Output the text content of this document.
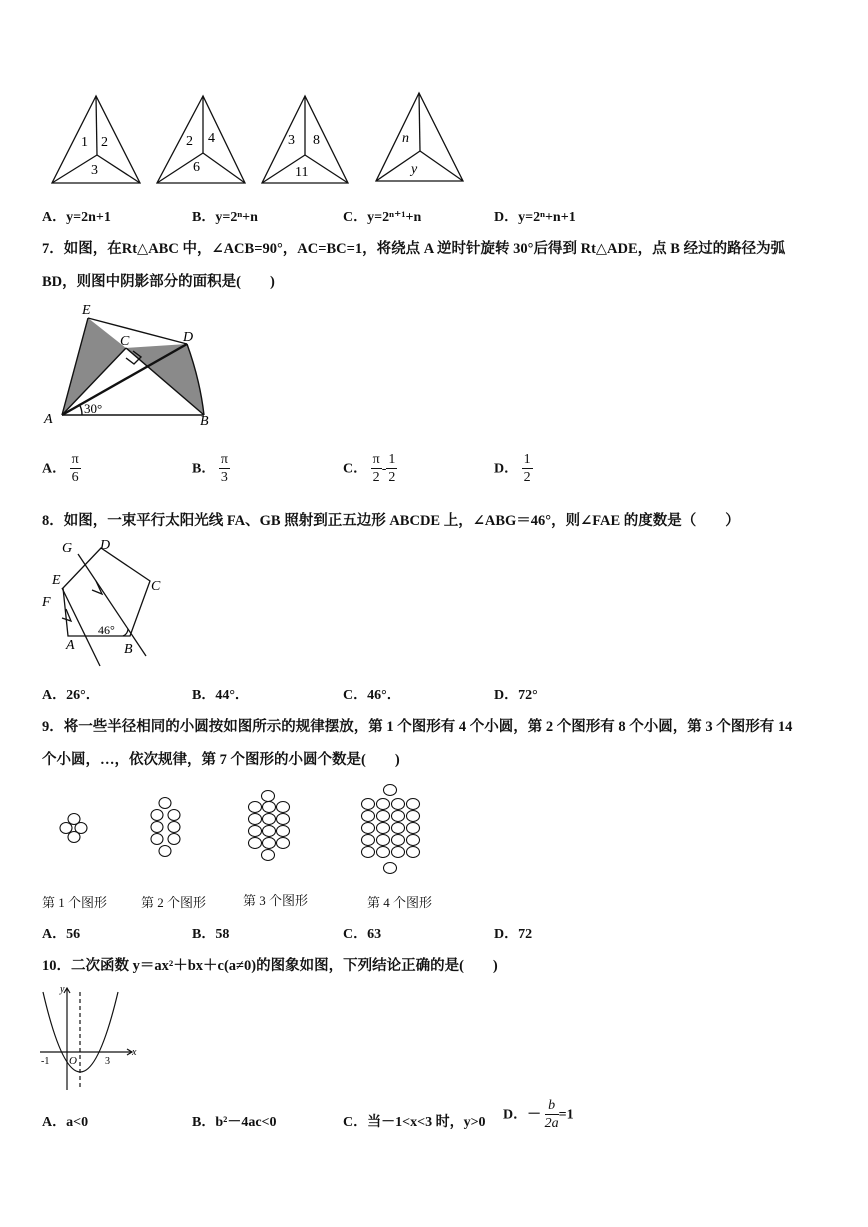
1 2
3
2 4
6
3 8
11
n
y
A．y=2n+1	B．y=2ⁿ+n	C．y=2ⁿ⁺¹+n	D．y=2ⁿ+n+1
7．如图，在Rt△ABC 中，∠ACB=90°，AC=BC=1，将绕点 A 逆时针旋转 30°后得到 Rt△ADE，点 B 经过的路径为弧
BD，则图中阴影部分的面积是(　　)
E
C	D
A	B
30°
A． $\frac{\pi}{6}$	B． $\frac{\pi}{3}$	C． $\frac{\pi}{2} - \frac{1}{2}$	D． $\frac{1}{2}$
8．如图，一束平行太阳光线 FA、GB 照射到正五边形 ABCDE 上，∠ABG＝46°，则∠FAE 的度数是（　　）
G D
E	C
F
A	B
46°
A．26°．	B．44°．	C．46°．	D．72°
9．将一些半径相同的小圆按如图所示的规律摆放，第 1 个图形有 4 个小圆，第 2 个图形有 8 个小圆，第 3 个图形有 14
个小圆，…，依次规律，第 7 个图形的小圆个数是(　　)
第 1 个图形	第 2 个图形	第 3 个图形	第 4 个图形
A．56	B．58	C．63	D．72
10．二次函数 y＝ax²＋bx＋c(a≠0)的图象如图，下列结论正确的是(　　)
y
x
-1 O	3
A．a<0	B．b²－4ac<0	C．当－1<x<3 时，y>0 D．－ $\frac{b}{2a} =1$
